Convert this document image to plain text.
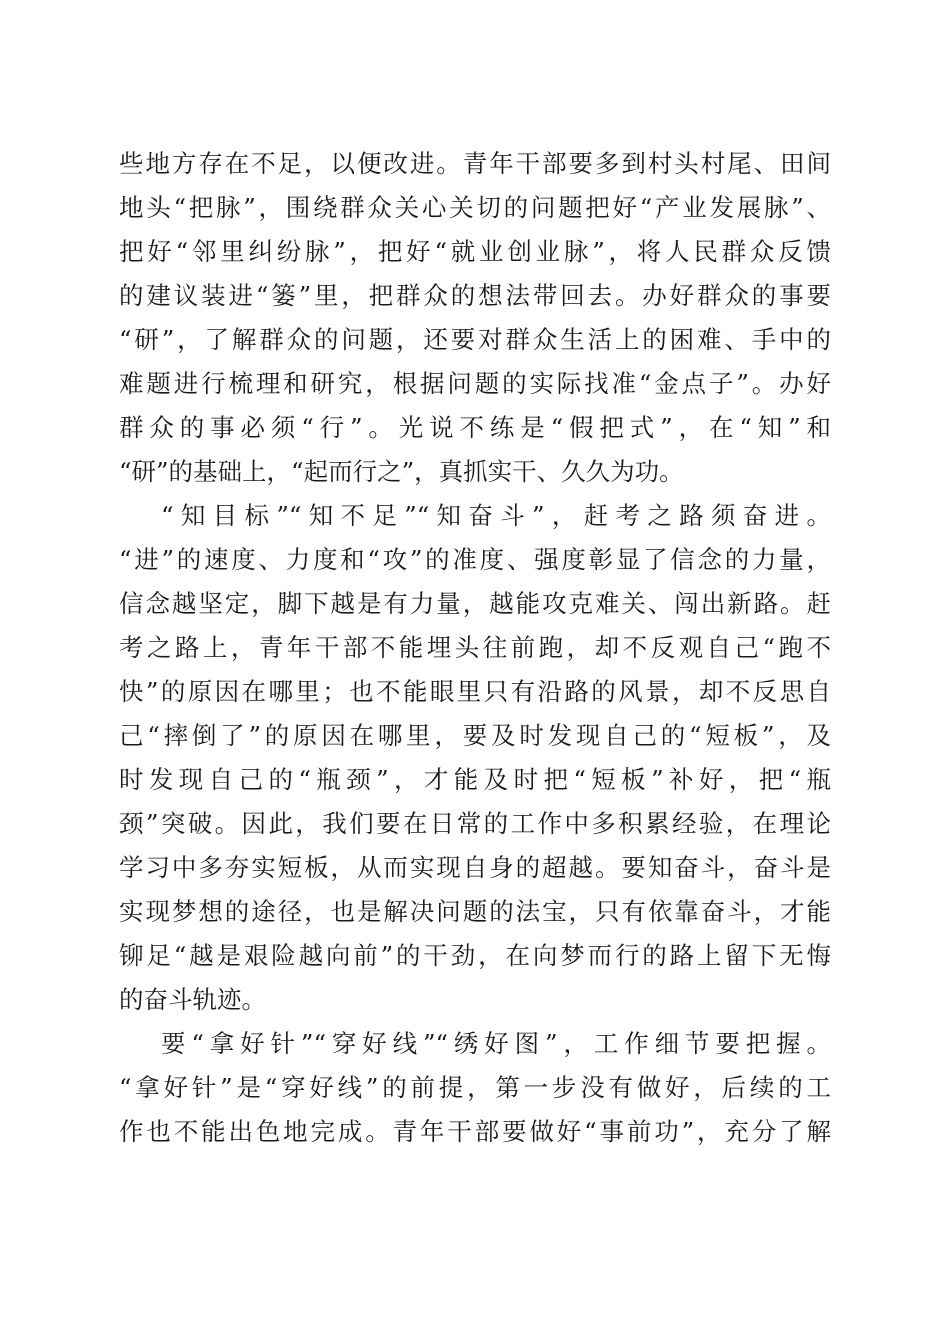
些地方存在不足，以便改进。青年干部要多到村头村尾、田间
地头“把脉”，围绕群众关心关切的问题把好“产业发展脉”、
把好“邻里纠纷脉”，把好“就业创业脉”，将人民群众反馈
的建议装进“篓”里，把群众的想法带回去。办好群众的事要
“研”，了解群众的问题，还要对群众生活上的困难、手中的
难题进行梳理和研究，根据问题的实际找准“金点子”。办好
群众的事必须“行”。光说不练是“假把式”，在“知”和
“研”的基础上，“起而行之”，真抓实干、久久为功。
“知目标”“知不足”“知奋斗”，赶考之路须奋进。
“进”的速度、力度和“攻”的准度、强度彰显了信念的力量，
信念越坚定，脚下越是有力量，越能攻克难关、闯出新路。赶
考之路上，青年干部不能埋头往前跑，却不反观自己“跑不
快”的原因在哪里；也不能眼里只有沿路的风景，却不反思自
己“摔倒了”的原因在哪里，要及时发现自己的“短板”，及
时发现自己的“瓶颈”，才能及时把“短板”补好，把“瓶
颈”突破。因此，我们要在日常的工作中多积累经验，在理论
学习中多夯实短板，从而实现自身的超越。要知奋斗，奋斗是
实现梦想的途径，也是解决问题的法宝，只有依靠奋斗，才能
铆足“越是艰险越向前”的干劲，在向梦而行的路上留下无悔
的奋斗轨迹。
要“拿好针”“穿好线”“绣好图”，工作细节要把握。
“拿好针”是“穿好线”的前提，第一步没有做好，后续的工
作也不能出色地完成。青年干部要做好“事前功”，充分了解
